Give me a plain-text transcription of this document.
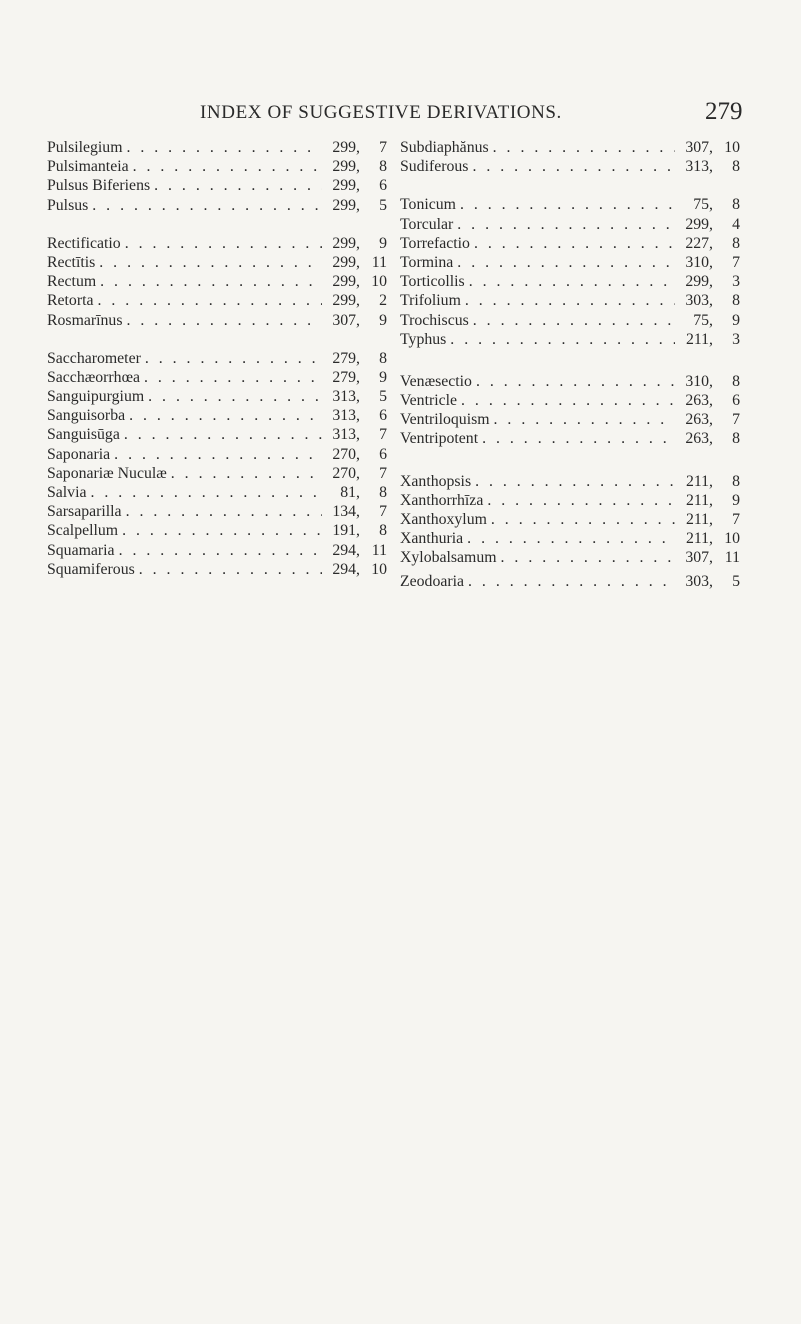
INDEX OF SUGGESTIVE DERIVATIONS.	279
Pulsilegium . . .	299,	7
Pulsimanteia . . .	299,	8
Pulsus Biferiens . . .	299,	6
Pulsus . . .	299,	5
Rectificatio . . .	299,	9
Rectītis . . .	299, 11
Rectum . . .	299, 10
Retorta . . .	299,	2
Rosmarīnus . . .	307,	9
Saccharometer . . .	279,	8
Sacchæorrhœa . . .	279,	9
Sanguipurgium . . .	313,	5
Sanguisorba . . .	313,	6
Sanguisūga . . .	313,	7
Saponaria . . .	270,	6
Saponariæ Nuculæ . . .	270,	7
Salvia . . .	81,	8
Sarsaparilla . . .	134,	7
Scalpellum . . .	191,	8
Squamaria . . .	294, 11
Squamiferous . . .	294, 10
Subdiaphănus . . .	307, 10
Sudiferous . . .	313,	8
Tonicum . . .	75,	8
Torcular . . .	299,	4
Torrefactio . . .	227,	8
Tormina . . .	310,	7
Torticollis . . .	299,	3
Trifolium . . .	303,	8
Trochiscus . . .	75,	9
Typhus . . .	211,	3
Venæsectio . . .	310,	8
Ventricle . . .	263,	6
Ventriloquism . . .	263,	7
Ventripotent . . .	263,	8
Xanthopsis . . .	211,	8
Xanthorrhīza . . .	211,	9
Xanthoxylum . . .	211,	7
Xanthuria . . .	211, 10
Xylobalsamum . . .	307, 11
Zeodoaria . . .	303,	5
